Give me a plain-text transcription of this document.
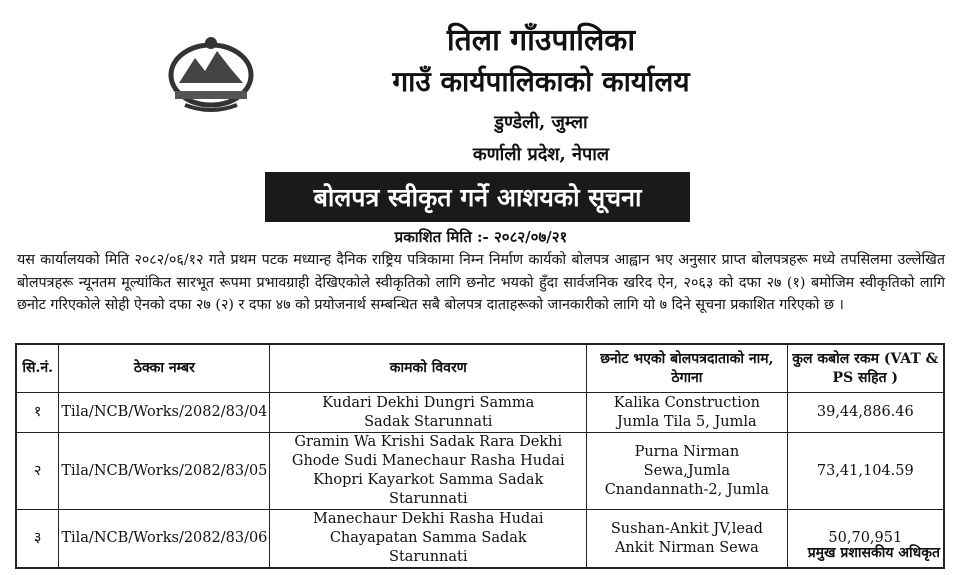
तिला गाँउपालिका
गाउँ कार्यपालिकाको कार्यालय
डुण्डेली, जुम्ला
कर्णाली प्रदेश, नेपाल
बोलपत्र स्वीकृत गर्ने आशयको सूचना
प्रकाशित मिति :- २०८२/०७/२१
यस कार्यालयको मिति २०८२/०६/१२ गते प्रथम पटक मध्यान्ह दैनिक राष्ट्रिय पत्रिकामा निम्न निर्माण कार्यको बोलपत्र आह्वान भए अनुसार प्राप्त बोलपत्रहरू मध्ये तपसिलमा उल्लेखित बोलपत्रहरू न्यूनतम मूल्यांकित सारभूत रूपमा प्रभावग्राही देखिएकोले स्वीकृतिको लागि छनोट भयको हुँदा सार्वजनिक खरिद ऐन, २०६३ को दफा २७ (१) बमोजिम स्वीकृतिको लागि छनोट गरिएकोले सोही ऐनको दफा २७ (२) र दफा ४७ को प्रयोजनार्थ सम्बन्धित सबै बोलपत्र दाताहरूको जानकारीको लागि यो ७ दिने सूचना प्रकाशित गरिएको छ ।
सि.नं.	ठेक्का नम्बर	कामको विवरण	छनोट भएको बोलपत्रदाताको नाम, ठेगाना	कुल कबोल रकम (VAT & PS सहित )
१	Tila/NCB/Works/2082/83/04	Kudari Dekhi Dungri Samma Sadak Starunnati	Kalika Construction Jumla Tila 5, Jumla	39,44,886.46
२	Tila/NCB/Works/2082/83/05	Gramin Wa Krishi Sadak Rara Dekhi Ghode Sudi Manechaur Rasha Hudai Khopri Kayarkot Samma Sadak Starunnati	Purna Nirman Sewa,Jumla Cnandannath-2, Jumla	73,41,104.59
३	Tila/NCB/Works/2082/83/06	Manechaur Dekhi Rasha Hudai Chayapatan Samma Sadak Starunnati	Sushan-Ankit JV,lead Ankit Nirman Sewa	50,70,951
प्रमुख प्रशासकीय अधिकृत
